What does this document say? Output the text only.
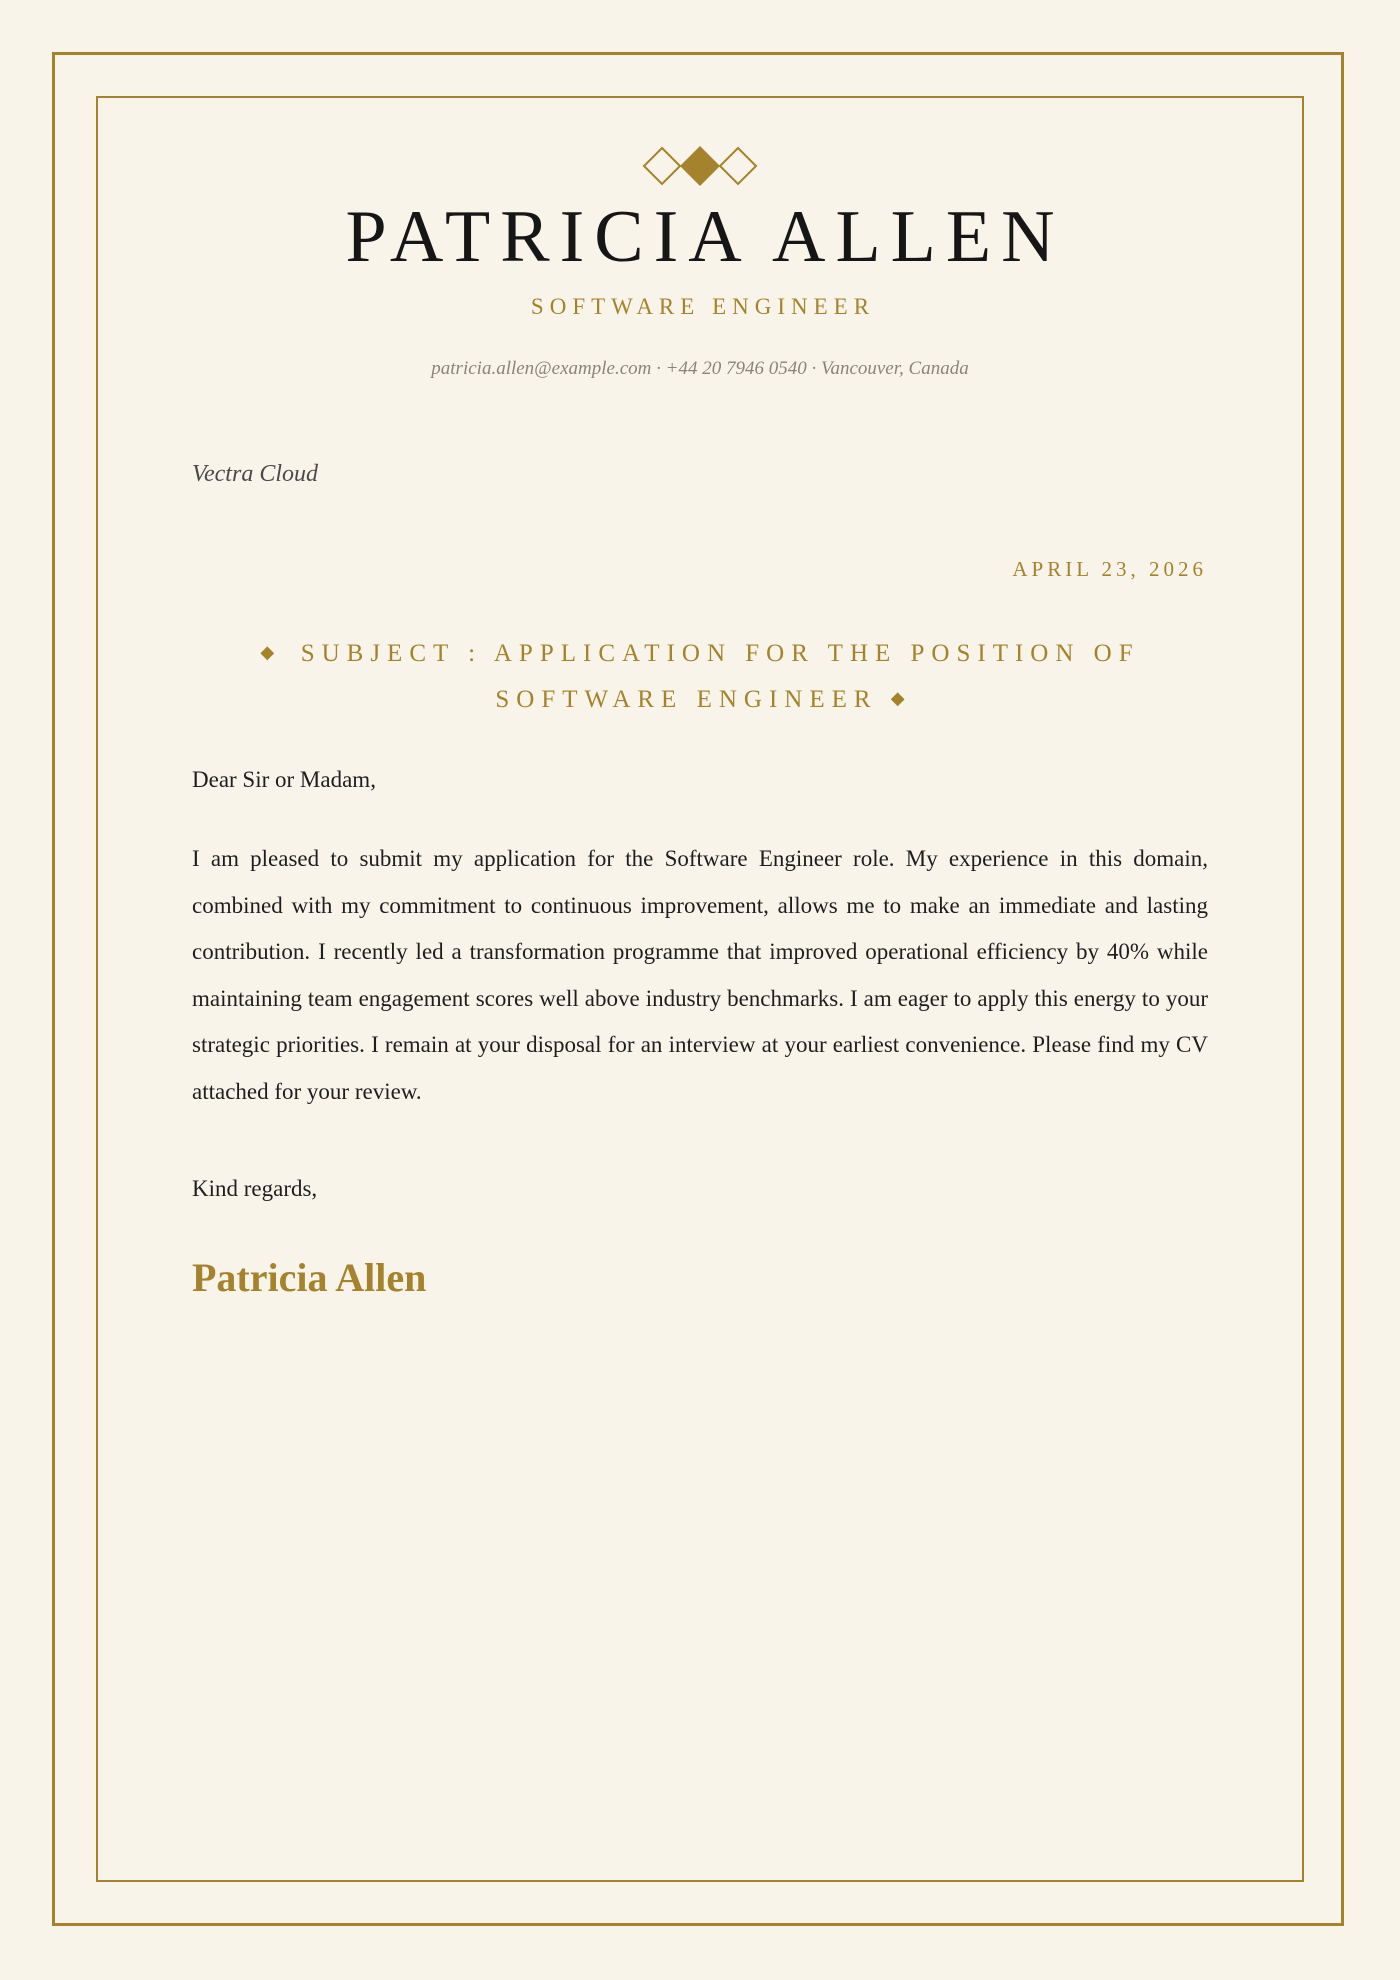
PATRICIA ALLEN
SOFTWARE ENGINEER
patricia.allen@example.com · +44 20 7946 0540 · Vancouver, Canada
Vectra Cloud
APRIL 23, 2026
◆ SUBJECT : APPLICATION FOR THE POSITION OF SOFTWARE ENGINEER ◆
Dear Sir or Madam,

I am pleased to submit my application for the Software Engineer role. My experience in this domain, combined with my commitment to continuous improvement, allows me to make an immediate and lasting contribution. I recently led a transformation programme that improved operational efficiency by 40% while maintaining team engagement scores well above industry benchmarks. I am eager to apply this energy to your strategic priorities. I remain at your disposal for an interview at your earliest convenience. Please find my CV attached for your review.

Kind regards,
Patricia Allen
